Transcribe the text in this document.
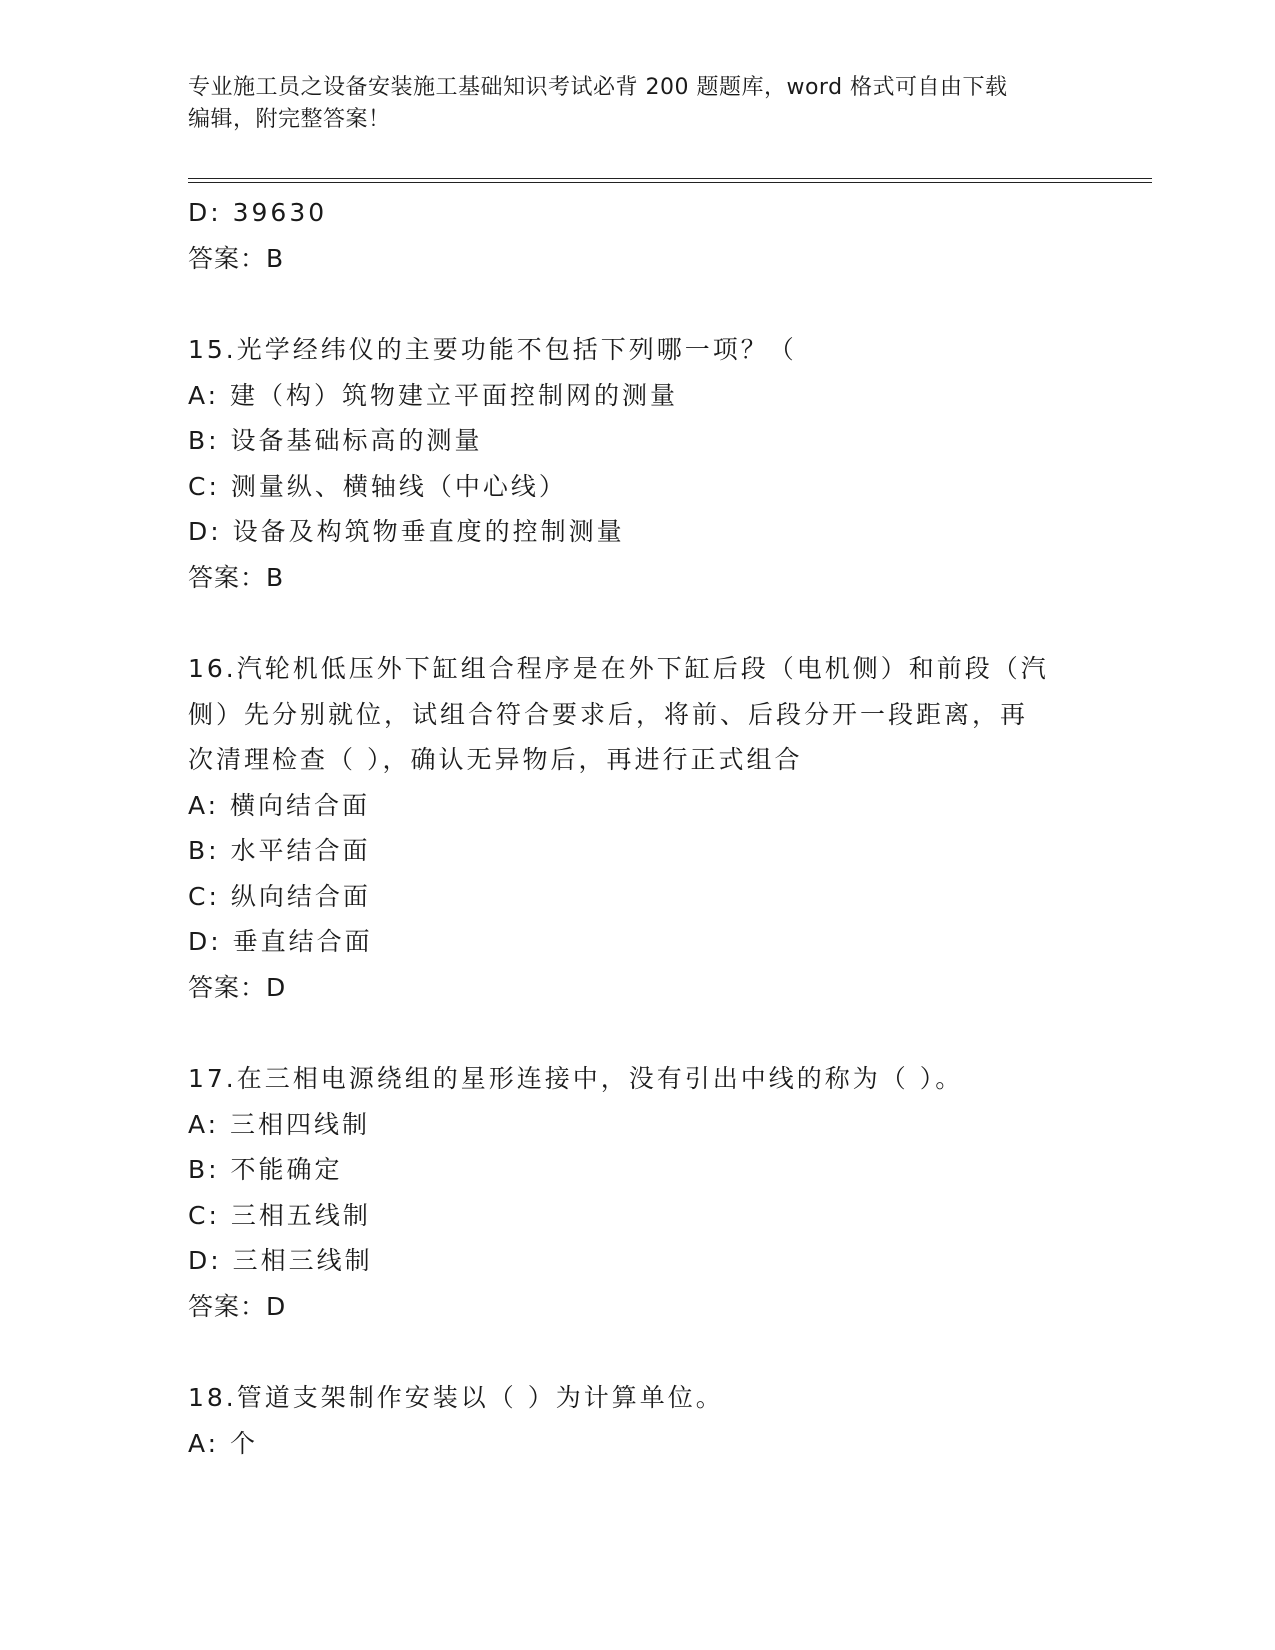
专业施工员之设备安装施工基础知识考试必背 200 题题库，word 格式可自由下载
编辑，附完整答案！
D: 39630
答案：B
15.光学经纬仪的主要功能不包括下列哪一项？（
A: 建（构）筑物建立平面控制网的测量
B: 设备基础标高的测量
C: 测量纵、横轴线（中心线）
D: 设备及构筑物垂直度的控制测量
答案：B
16.汽轮机低压外下缸组合程序是在外下缸后段（电机侧）和前段（汽
侧）先分别就位，试组合符合要求后，将前、后段分开一段距离，再
次清理检查（ ），确认无异物后，再进行正式组合
A: 横向结合面
B: 水平结合面
C: 纵向结合面
D: 垂直结合面
答案：D
17.在三相电源绕组的星形连接中，没有引出中线的称为（ ）。
A: 三相四线制
B: 不能确定
C: 三相五线制
D: 三相三线制
答案：D
18.管道支架制作安装以（ ）为计算单位。
A: 个
